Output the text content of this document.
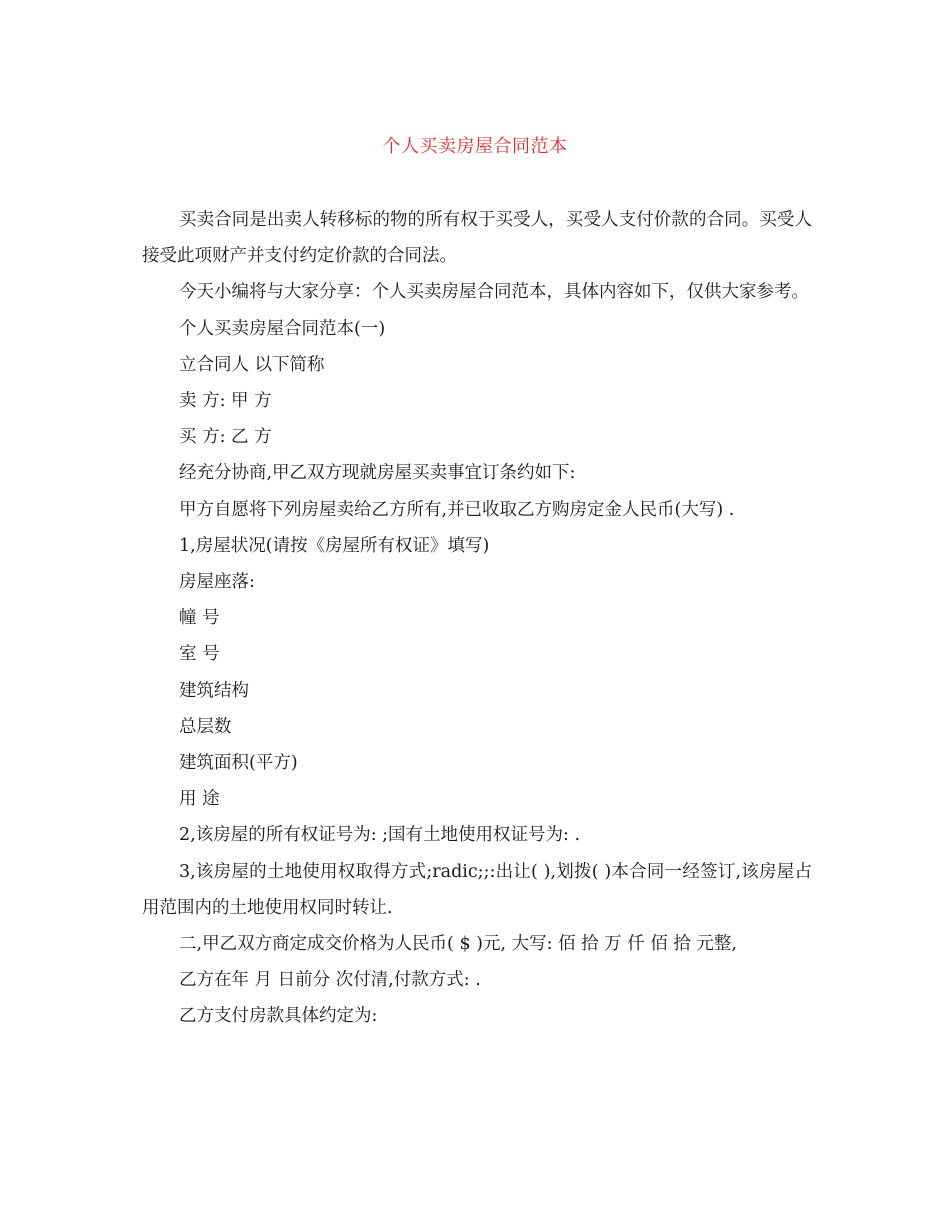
个人买卖房屋合同范本

买卖合同是出卖人转移标的物的所有权于买受人，买受人支付价款的合同。买受人接受此项财产并支付约定价款的合同法。

今天小编将与大家分享：个人买卖房屋合同范本，具体内容如下，仅供大家参考。

个人买卖房屋合同范本(一)

立合同人 以下简称

卖 方: 甲 方

买 方: 乙 方

经充分协商,甲乙双方现就房屋买卖事宜订条约如下:

甲方自愿将下列房屋卖给乙方所有,并已收取乙方购房定金人民币(大写) .

1,房屋状况(请按《房屋所有权证》填写)

房屋座落:

幢 号

室 号

建筑结构

总层数

建筑面积(平方)

用 途

2,该房屋的所有权证号为: ;国有土地使用权证号为: .

3,该房屋的土地使用权取得方式;radic;;:出让( ),划拨( )本合同一经签订,该房屋占用范围内的土地使用权同时转让.

二,甲乙双方商定成交价格为人民币( $ )元, 大写: 佰 拾 万 仟 佰 拾 元整,

乙方在年 月 日前分 次付清,付款方式: .

乙方支付房款具体约定为:
